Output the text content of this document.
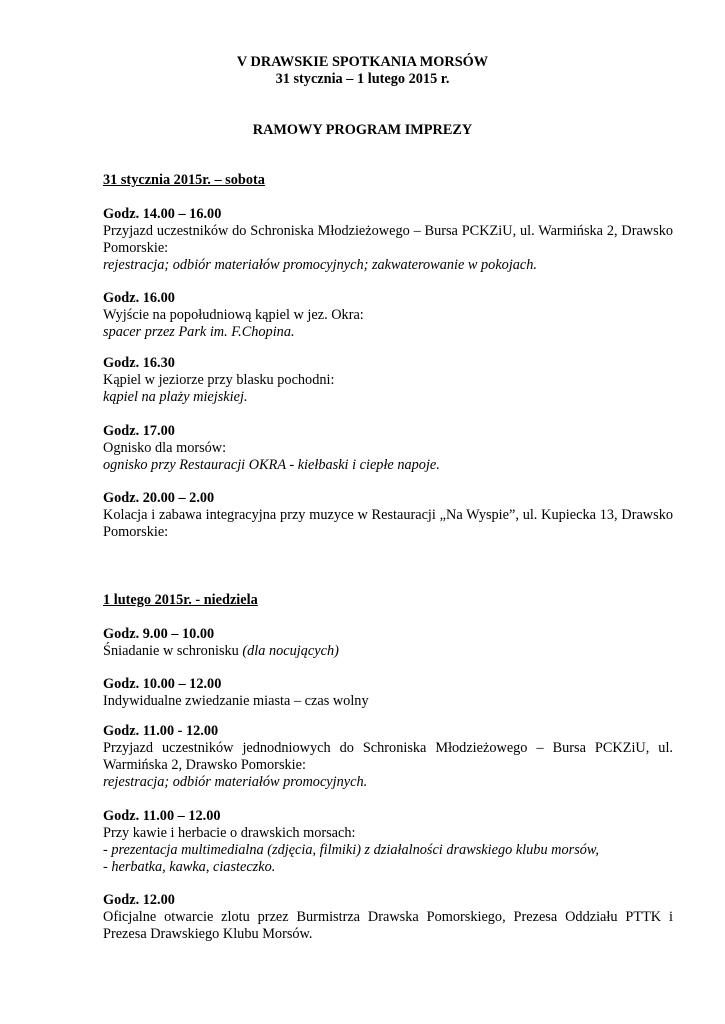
V DRAWSKIE SPOTKANIA MORSÓW
31 stycznia – 1 lutego 2015 r.
RAMOWY PROGRAM IMPREZY
31 stycznia 2015r. – sobota
Godz. 14.00 – 16.00
Przyjazd uczestników do Schroniska Młodzieżowego – Bursa PCKZiU, ul. Warmińska 2, Drawsko Pomorskie:
rejestracja; odbiór materiałów promocyjnych; zakwaterowanie w pokojach.
Godz. 16.00
Wyjście na popołudniową kąpiel w jez. Okra:
spacer przez Park im. F.Chopina.
Godz. 16.30
Kąpiel w jeziorze przy blasku pochodni:
kąpiel na plaży miejskiej.
Godz. 17.00
Ognisko dla morsów:
ognisko przy Restauracji OKRA - kiełbaski i ciepłe napoje.
Godz. 20.00 – 2.00
Kolacja i zabawa integracyjna przy muzyce w Restauracji „Na Wyspie”, ul. Kupiecka 13, Drawsko Pomorskie:
1 lutego 2015r. - niedziela
Godz. 9.00 – 10.00
Śniadanie w schronisku (dla nocujących)
Godz. 10.00 – 12.00
Indywidualne zwiedzanie miasta – czas wolny
Godz. 11.00 - 12.00
Przyjazd uczestników jednodniowych do Schroniska Młodzieżowego – Bursa PCKZiU, ul. Warmińska 2, Drawsko Pomorskie:
rejestracja; odbiór materiałów promocyjnych.
Godz. 11.00 – 12.00
Przy kawie i herbacie o drawskich morsach:
- prezentacja multimedialna (zdjęcia, filmiki) z działalności drawskiego klubu morsów,
- herbatka, kawka, ciasteczko.
Godz. 12.00
Oficjalne otwarcie zlotu przez Burmistrza Drawska Pomorskiego, Prezesa Oddziału PTTK i Prezesa Drawskiego Klubu Morsów.
